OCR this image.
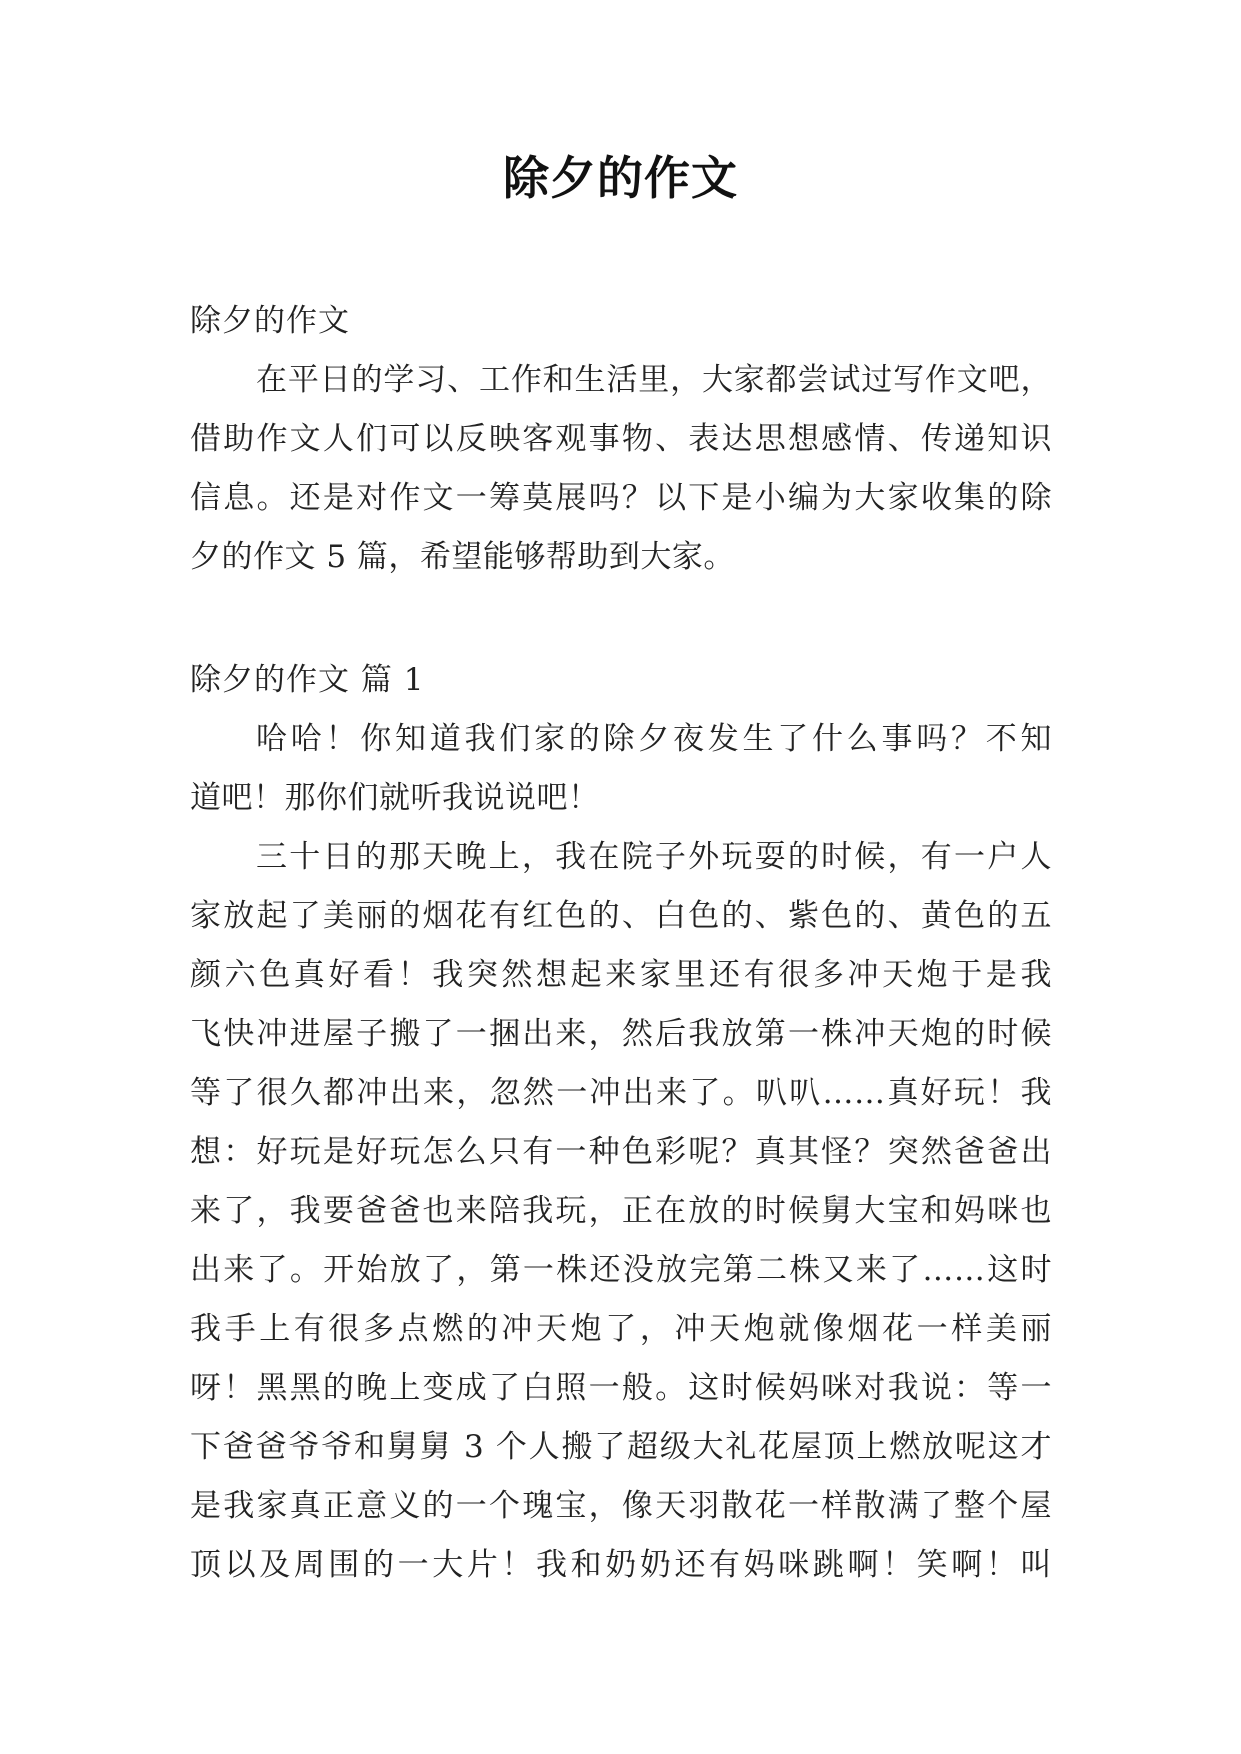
除夕的作文
除夕的作文
在平日的学习、工作和生活里，大家都尝试过写作文吧，
借助作文人们可以反映客观事物、表达思想感情、传递知识
信息。还是对作文一筹莫展吗？以下是小编为大家收集的除
夕的作文 5 篇，希望能够帮助到大家。
除夕的作文 篇 1
哈哈！你知道我们家的除夕夜发生了什么事吗？不知
道吧！那你们就听我说说吧！
三十日的那天晚上，我在院子外玩耍的时候，有一户人
家放起了美丽的烟花有红色的、白色的、紫色的、黄色的五
颜六色真好看！我突然想起来家里还有很多冲天炮于是我
飞快冲进屋子搬了一捆出来，然后我放第一株冲天炮的时候
等了很久都冲出来，忽然一冲出来了。叭叭……真好玩！我
想：好玩是好玩怎么只有一种色彩呢？真其怪？突然爸爸出
来了，我要爸爸也来陪我玩，正在放的时候舅大宝和妈咪也
出来了。开始放了，第一株还没放完第二株又来了……这时
我手上有很多点燃的冲天炮了，冲天炮就像烟花一样美丽
呀！黑黑的晚上变成了白照一般。这时候妈咪对我说：等一
下爸爸爷爷和舅舅 3 个人搬了超级大礼花屋顶上燃放呢这才
是我家真正意义的一个瑰宝，像天羽散花一样散满了整个屋
顶以及周围的一大片！我和奶奶还有妈咪跳啊！笑啊！叫
